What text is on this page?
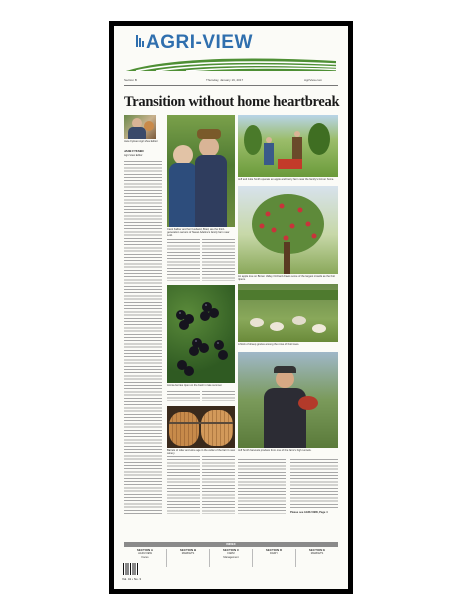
AGRI-VIEW
Section B	Thursday, January 19, 2017	AgriView.com
Transition without home heartbreak
Jane Fyksen Agri-View Editor
JANE FYKSEN
Agri-View Editor
Carol Kalber and her husband, Brad, are the third-generation owners of Sweet Adeline's family farm near Lodi.
Aronia berries ripen on the bush in late summer.
Barrels of cider and wine age in the cellar of the farm's new winery.
Jeff and Julie Smith operate an apple and berry farm near the family's former home.
An apple tree on Brown Valley Orchard draws some of the largest crowds as the fruit ripens.
A flock of sheep grazes among the rows of fruit trees.
Jeff Smith harvests produce from one of the farm's high tunnels.
Please see AGRI-VIEW, Page 4
INDEX
SECTION A
AGRI-VIEW
Focus
SECTION B
MARKETS
SECTION C
FARM
Management
SECTION D
DAIRY
SECTION E
MARKETS
Vol. 41 • No. 3
